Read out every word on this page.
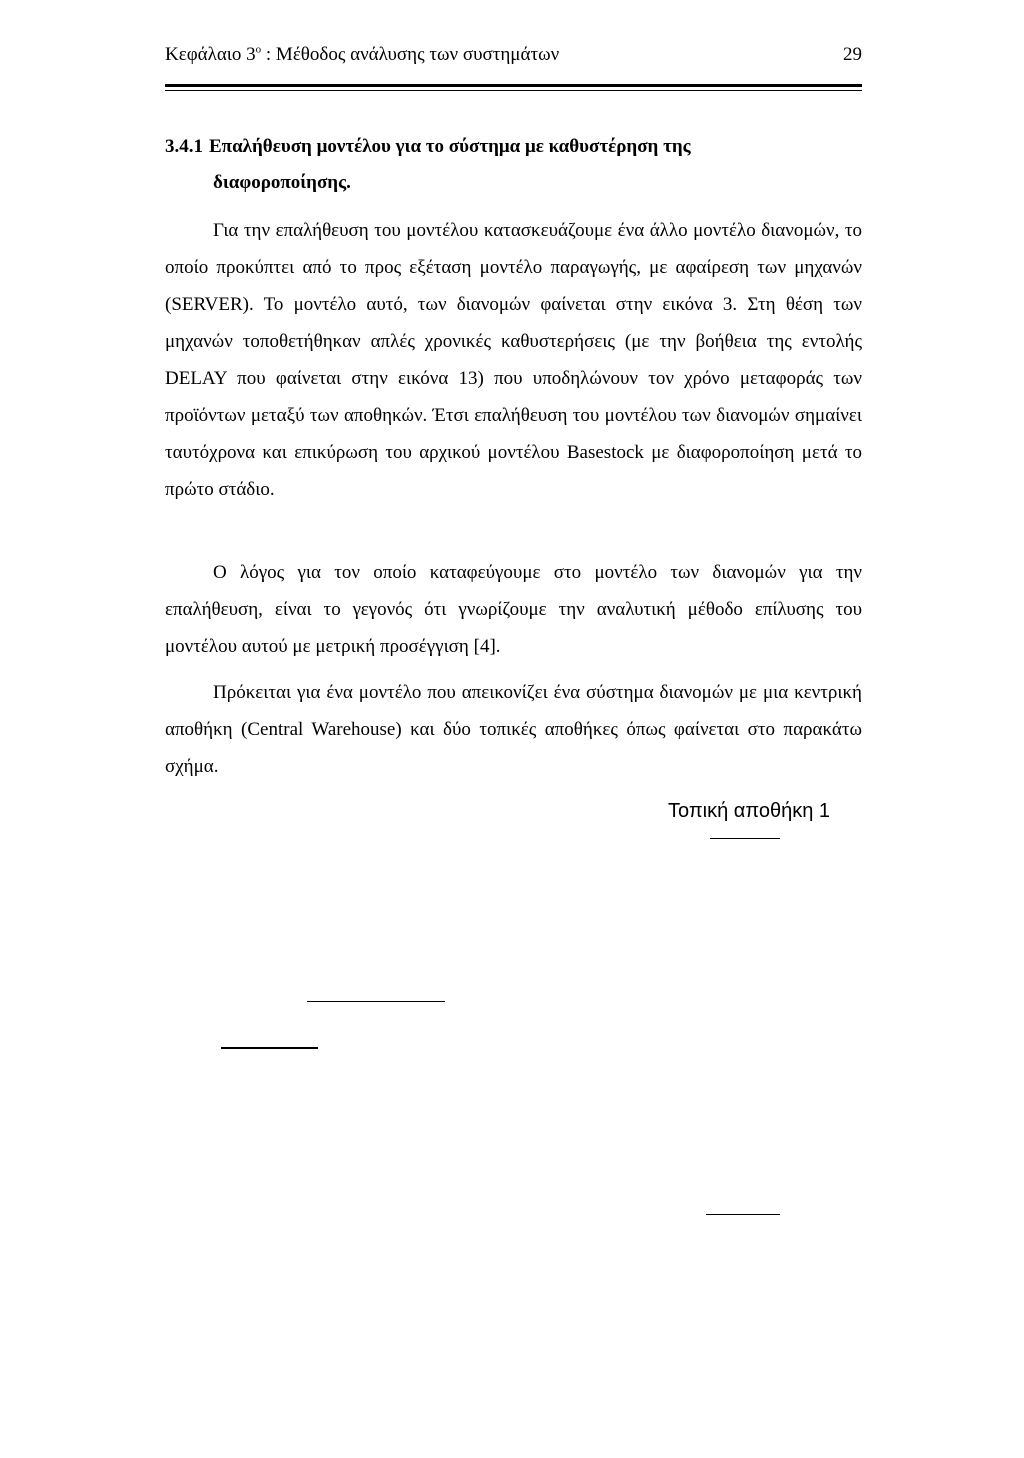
Κεφάλαιο $3^o$ : Μέθοδος ανάλυσης των συστημάτων	29
3.4.1 Επαλήθευση μοντέλου για το σύστημα με καθυστέρηση της
διαφοροποίησης.

Για την επαλήθευση του μοντέλου κατασκευάζουμε ένα άλλο μοντέλο διανομών, το οποίο προκύπτει από το προς εξέταση μοντέλο παραγωγής, με αφαίρεση των μηχανών (SERVER). Το μοντέλο αυτό, των διανομών φαίνεται στην εικόνα 3. Στη θέση των μηχανών τοποθετήθηκαν απλές χρονικές καθυστερήσεις (με την βοήθεια της εντολής DELAY που φαίνεται στην εικόνα 13) που υποδηλώνουν τον χρόνο μεταφοράς των προϊόντων μεταξύ των αποθηκών. Έτσι επαλήθευση του μοντέλου των διανομών σημαίνει ταυτόχρονα και επικύρωση του αρχικού μοντέλου Basestock με διαφοροποίηση μετά το πρώτο στάδιο.

Ο λόγος για τον οποίο καταφεύγουμε στο μοντέλο των διανομών για την επαλήθευση, είναι το γεγονός ότι γνωρίζουμε την αναλυτική μέθοδο επίλυσης του μοντέλου αυτού με μετρική προσέγγιση [4].

Πρόκειται για ένα μοντέλο που απεικονίζει ένα σύστημα διανομών με μια κεντρική αποθήκη (Central Warehouse) και δύο τοπικές αποθήκες όπως φαίνεται στο παρακάτω σχήμα.

Τοπική αποθήκη 1
